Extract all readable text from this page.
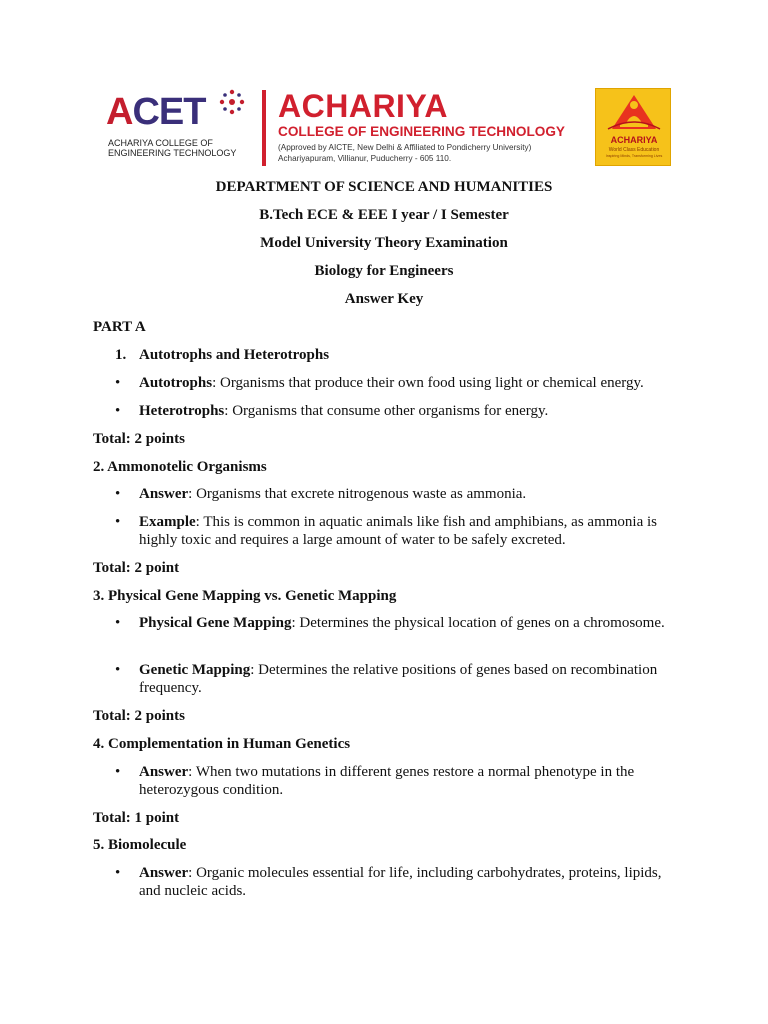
ACET
ACHARIYA COLLEGE OF
ENGINEERING TECHNOLOGY
ACHARIYA
COLLEGE OF ENGINEERING TECHNOLOGY
(Approved by AICTE, New Delhi & Affiliated to Pondicherry University)
Achariyapuram, Villianur, Puducherry - 605 110.
ACHARIYA
World Class Education
Inspiring Minds, Transforming Lives
DEPARTMENT OF SCIENCE AND HUMANITIES
B.Tech ECE & EEE I year / I Semester
Model University Theory Examination
Biology for Engineers
Answer Key
PART A
1. Autotrophs and Heterotrophs
•	Autotrophs: Organisms that produce their own food using light or chemical energy.
•	Heterotrophs: Organisms that consume other organisms for energy.
Total: 2 points
2. Ammonotelic Organisms
•	Answer: Organisms that excrete nitrogenous waste as ammonia.
•	Example: This is common in aquatic animals like fish and amphibians, as ammonia is highly toxic and requires a large amount of water to be safely excreted.
Total: 2 point
3. Physical Gene Mapping vs. Genetic Mapping
•	Physical Gene Mapping: Determines the physical location of genes on a chromosome.
•	Genetic Mapping: Determines the relative positions of genes based on recombination frequency.
Total: 2 points
4. Complementation in Human Genetics
•	Answer: When two mutations in different genes restore a normal phenotype in the heterozygous condition.
Total: 1 point
5. Biomolecule
•	Answer: Organic molecules essential for life, including carbohydrates, proteins, lipids, and nucleic acids.
